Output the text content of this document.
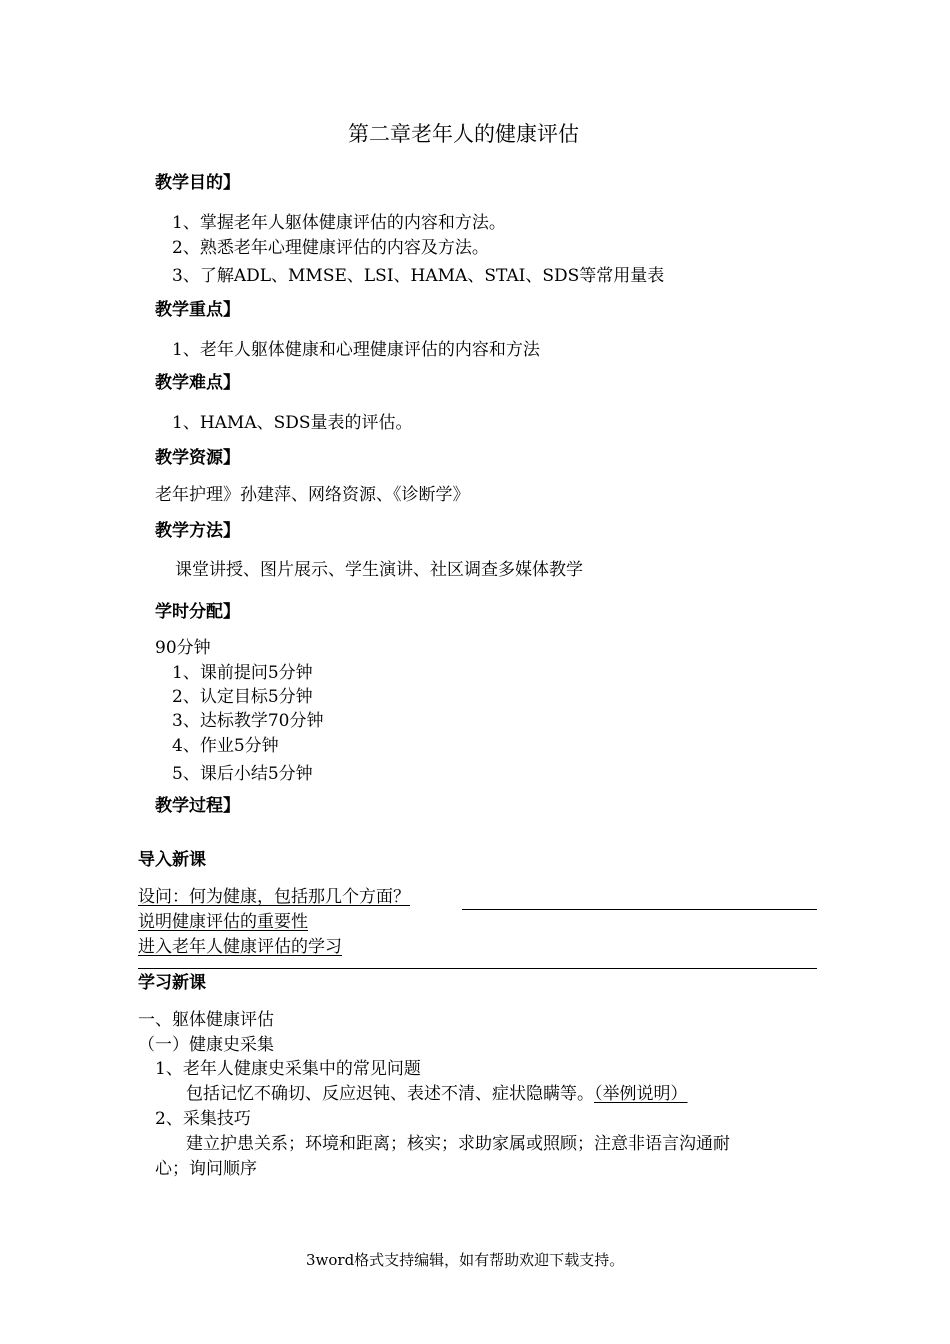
第二章老年人的健康评估
教学目的】
1、掌握老年人躯体健康评估的内容和方法。
2、熟悉老年心理健康评估的内容及方法。
3、了解ADL、MMSE、LSI、HAMA、STAI、SDS等常用量表
教学重点】
1、老年人躯体健康和心理健康评估的内容和方法
教学难点】
1、HAMA、SDS量表的评估。
教学资源】
老年护理》孙建萍、网络资源、《诊断学》
教学方法】
课堂讲授、图片展示、学生演讲、社区调查多媒体教学
学时分配】
90分钟
1、课前提问5分钟
2、认定目标5分钟
3、达标教学70分钟
4、作业5分钟
5、课后小结5分钟
教学过程】
导入新课
设问：何为健康，包括那几个方面？
说明健康评估的重要性
进入老年人健康评估的学习
学习新课
一、躯体健康评估
（一）健康史采集
1、老年人健康史采集中的常见问题
包括记忆不确切、反应迟钝、表述不清、症状隐瞒等。（举例说明）
2、采集技巧
建立护患关系；环境和距离；核实；求助家属或照顾；注意非语言沟通耐
心；询问顺序
3word格式支持编辑，如有帮助欢迎下载支持。
